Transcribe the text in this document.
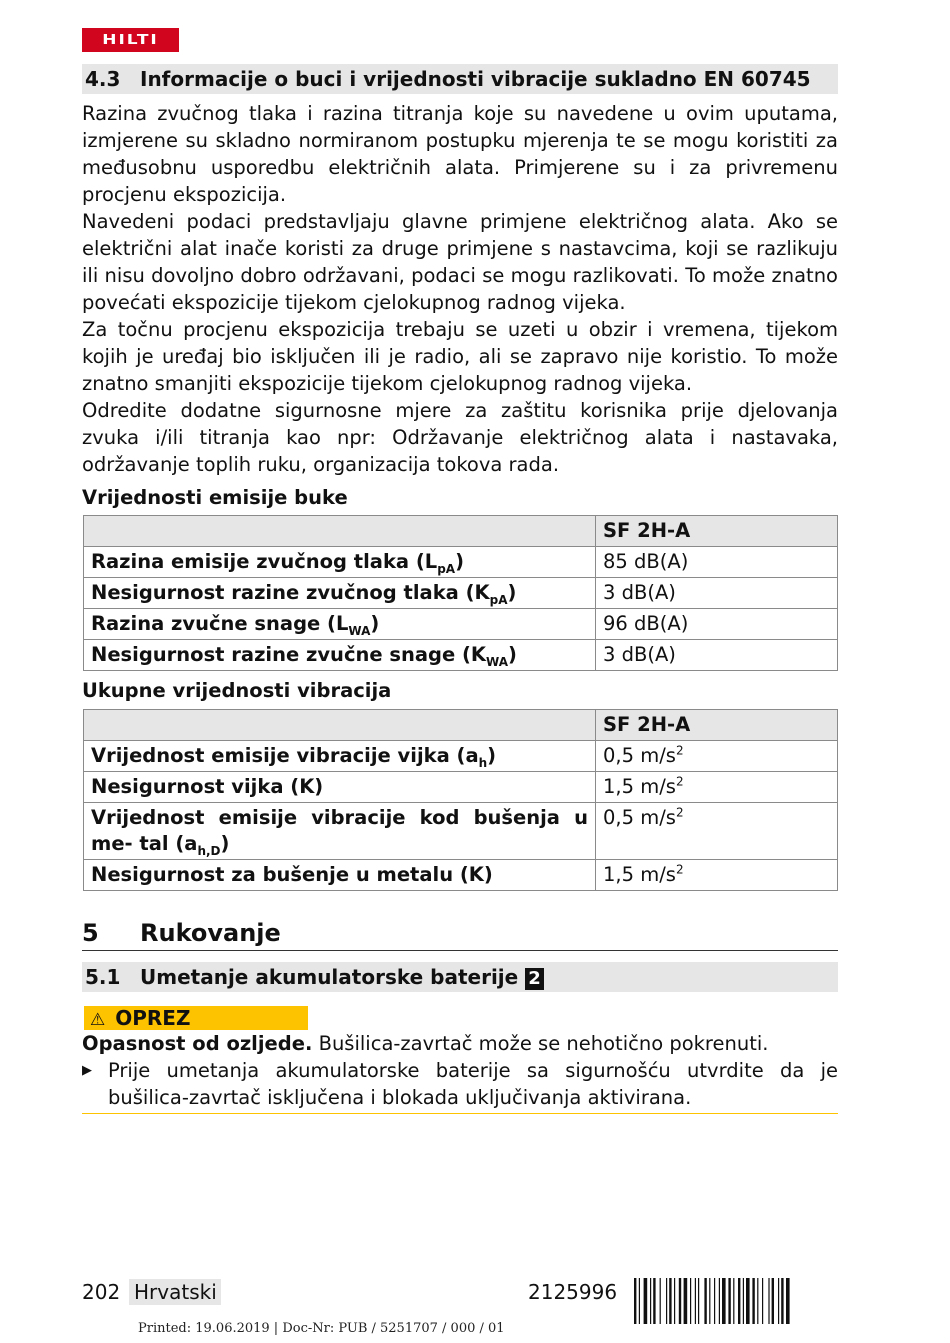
HILTI
4.3 Informacije o buci i vrijednosti vibracije sukladno EN 60745

Razina zvučnog tlaka i razina titranja koje su navedene u ovim uputama, izmjerene su skladno normiranom postupku mjerenja te se mogu koristiti za međusobnu usporedbu električnih alata. Primjerene su i za privremenu procjenu ekspozicija.

Navedeni podaci predstavljaju glavne primjene električnog alata. Ako se električni alat inače koristi za druge primjene s nastavcima, koji se razlikuju ili nisu dovoljno dobro održavani, podaci se mogu razlikovati. To može znatno povećati ekspozicije tijekom cjelokupnog radnog vijeka.

Za točnu procjenu ekspozicija trebaju se uzeti u obzir i vremena, tijekom kojih je uređaj bio isključen ili je radio, ali se zapravo nije koristio. To može znatno smanjiti ekspozicije tijekom cjelokupnog radnog vijeka.

Odredite dodatne sigurnosne mjere za zaštitu korisnika prije djelovanja zvuka i/ili titranja kao npr: Održavanje električnog alata i nastavaka, održavanje toplih ruku, organizacija tokova rada.

Vrijednosti emisije buke
	SF 2H-A
Razina emisije zvučnog tlaka $(L_{pA})$	85 dB(A)
Nesigurnost razine zvučnog tlaka $(K_{pA})$	3 dB(A)
Razina zvučne snage $(L_{WA})$	96 dB(A)
Nesigurnost razine zvučne snage $(K_{WA})$	3 dB(A)
Ukupne vrijednosti vibracija
	SF 2H-A
Vrijednost emisije vibracije vijka $(a_h)$	0,5 $m/s^2$
Nesigurnost vijka (K)	1,5 $m/s^2$
Vrijednost emisije vibracije kod bušenja u me- tal $(a_{h,D})$	0,5 $m/s^2$
Nesigurnost za bušenje u metalu (K)	1,5 $m/s^2$
5 Rukovanje
5.1 Umetanje akumulatorske baterije 2
⚠ OPREZ
Opasnost od ozljede. Bušilica-zavrtač može se nehotično pokrenuti.
▶ Prije umetanja akumulatorske baterije sa sigurnošću utvrdite da je bušilica-zavrtač isključena i blokada uključivanja aktivirana.
202 Hrvatski	2125996
Printed: 19.06.2019 | Doc-Nr: PUB / 5251707 / 000 / 01
